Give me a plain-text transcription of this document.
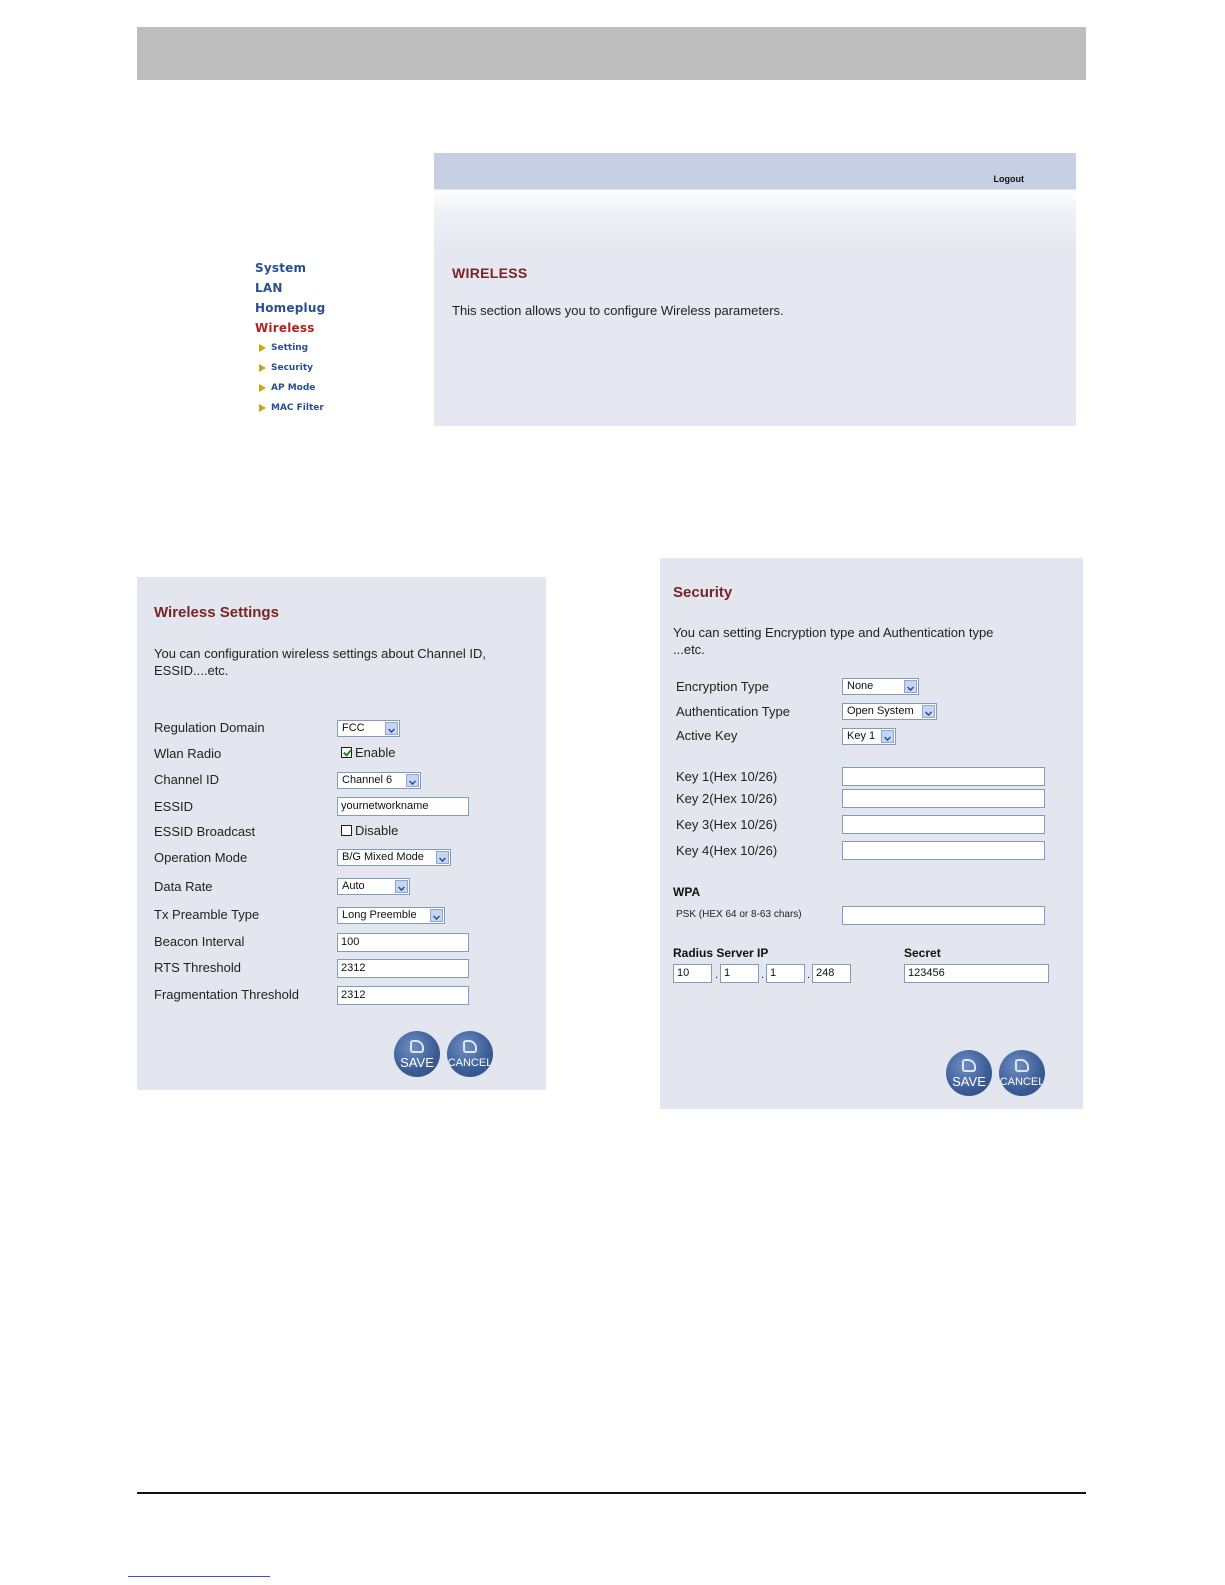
System
LAN
Homeplug
Wireless
Setting
Security
AP Mode
MAC Filter
Logout
WIRELESS
This section allows you to configure Wireless parameters.
Wireless Settings
You can configuration wireless settings about Channel ID, ESSID....etc.
Regulation Domain	FCC
Wlan Radio	Enable
Channel ID	Channel 6
ESSID	yournetworkname
ESSID Broadcast	Disable
Operation Mode	B/G Mixed Mode
Data Rate	Auto
Tx Preamble Type	Long Preemble
Beacon Interval	100
RTS Threshold	2312
Fragmentation Threshold	2312
SAVE	CANCEL
Security
You can setting Encryption type and Authentication type ...etc.
Encryption Type	None
Authentication Type	Open System
Active Key	Key 1
Key 1(Hex 10/26)
Key 2(Hex 10/26)
Key 3(Hex 10/26)
Key 4(Hex 10/26)
WPA
PSK (HEX 64 or 8-63 chars)
Radius Server IP
10	. 1	. 1	. 248
Secret
123456
SAVE	CANCEL
